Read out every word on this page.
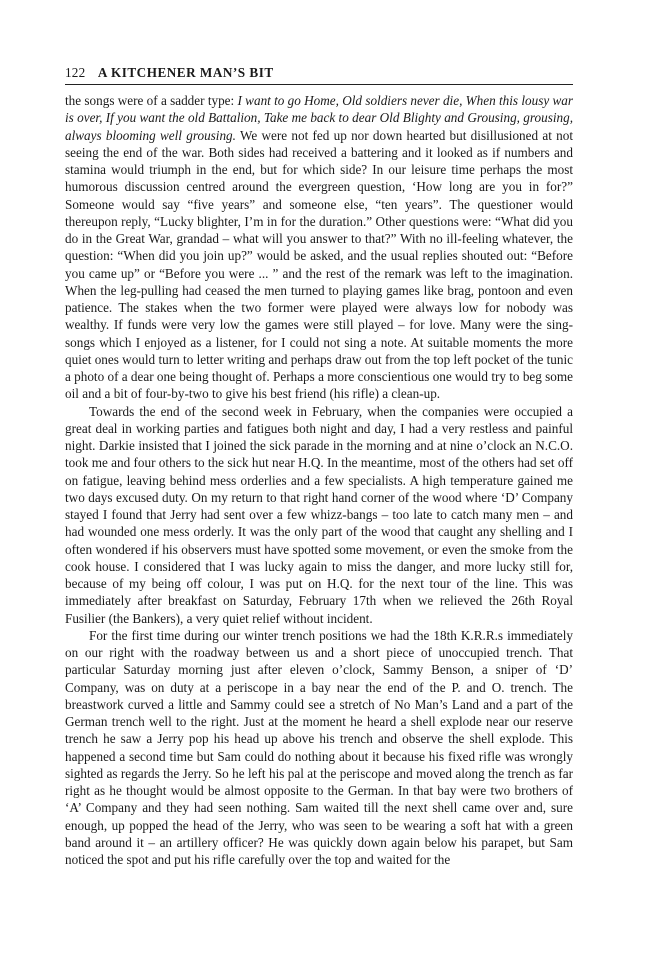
122 A KITCHENER MAN’S BIT

the songs were of a sadder type: I want to go Home, Old soldiers never die, When this lousy war is over, If you want the old Battalion, Take me back to dear Old Blighty and Grousing, grousing, always blooming well grousing. We were not fed up nor down hearted but disillusioned at not seeing the end of the war. Both sides had received a battering and it looked as if numbers and stamina would triumph in the end, but for which side? In our leisure time perhaps the most humorous discussion centred around the evergreen question, ‘How long are you in for?” Someone would say “five years” and someone else, “ten years”. The questioner would thereupon reply, “Lucky blighter, I’m in for the duration.” Other questions were: “What did you do in the Great War, grandad – what will you answer to that?” With no ill-feeling whatever, the question: “When did you join up?” would be asked, and the usual replies shouted out: “Before you came up” or “Before you were ... ” and the rest of the remark was left to the imagination. When the leg-pulling had ceased the men turned to playing games like brag, pontoon and even patience. The stakes when the two former were played were always low for nobody was wealthy. If funds were very low the games were still played – for love. Many were the sing-songs which I enjoyed as a listener, for I could not sing a note. At suitable moments the more quiet ones would turn to letter writing and perhaps draw out from the top left pocket of the tunic a photo of a dear one being thought of. Perhaps a more conscientious one would try to beg some oil and a bit of four-by-two to give his best friend (his rifle) a clean-up.

Towards the end of the second week in February, when the companies were occupied a great deal in working parties and fatigues both night and day, I had a very restless and painful night. Darkie insisted that I joined the sick parade in the morning and at nine o’clock an N.C.O. took me and four others to the sick hut near H.Q. In the meantime, most of the others had set off on fatigue, leaving behind mess orderlies and a few specialists. A high temperature gained me two days excused duty. On my return to that right hand corner of the wood where ‘D’ Company stayed I found that Jerry had sent over a few whizz-bangs – too late to catch many men – and had wounded one mess orderly. It was the only part of the wood that caught any shelling and I often wondered if his observers must have spotted some movement, or even the smoke from the cook house. I considered that I was lucky again to miss the danger, and more lucky still for, because of my being off colour, I was put on H.Q. for the next tour of the line. This was immediately after breakfast on Saturday, February 17th when we relieved the 26th Royal Fusilier (the Bankers), a very quiet relief without incident.

For the first time during our winter trench positions we had the 18th K.R.R.s immediately on our right with the roadway between us and a short piece of unoccupied trench. That particular Saturday morning just after eleven o’clock, Sammy Benson, a sniper of ‘D’ Company, was on duty at a periscope in a bay near the end of the P. and O. trench. The breastwork curved a little and Sammy could see a stretch of No Man’s Land and a part of the German trench well to the right. Just at the moment he heard a shell explode near our reserve trench he saw a Jerry pop his head up above his trench and observe the shell explode. This happened a second time but Sam could do nothing about it because his fixed rifle was wrongly sighted as regards the Jerry. So he left his pal at the periscope and moved along the trench as far right as he thought would be almost opposite to the German. In that bay were two brothers of ‘A’ Company and they had seen nothing. Sam waited till the next shell came over and, sure enough, up popped the head of the Jerry, who was seen to be wearing a soft hat with a green band around it – an artillery officer? He was quickly down again below his parapet, but Sam noticed the spot and put his rifle carefully over the top and waited for the
